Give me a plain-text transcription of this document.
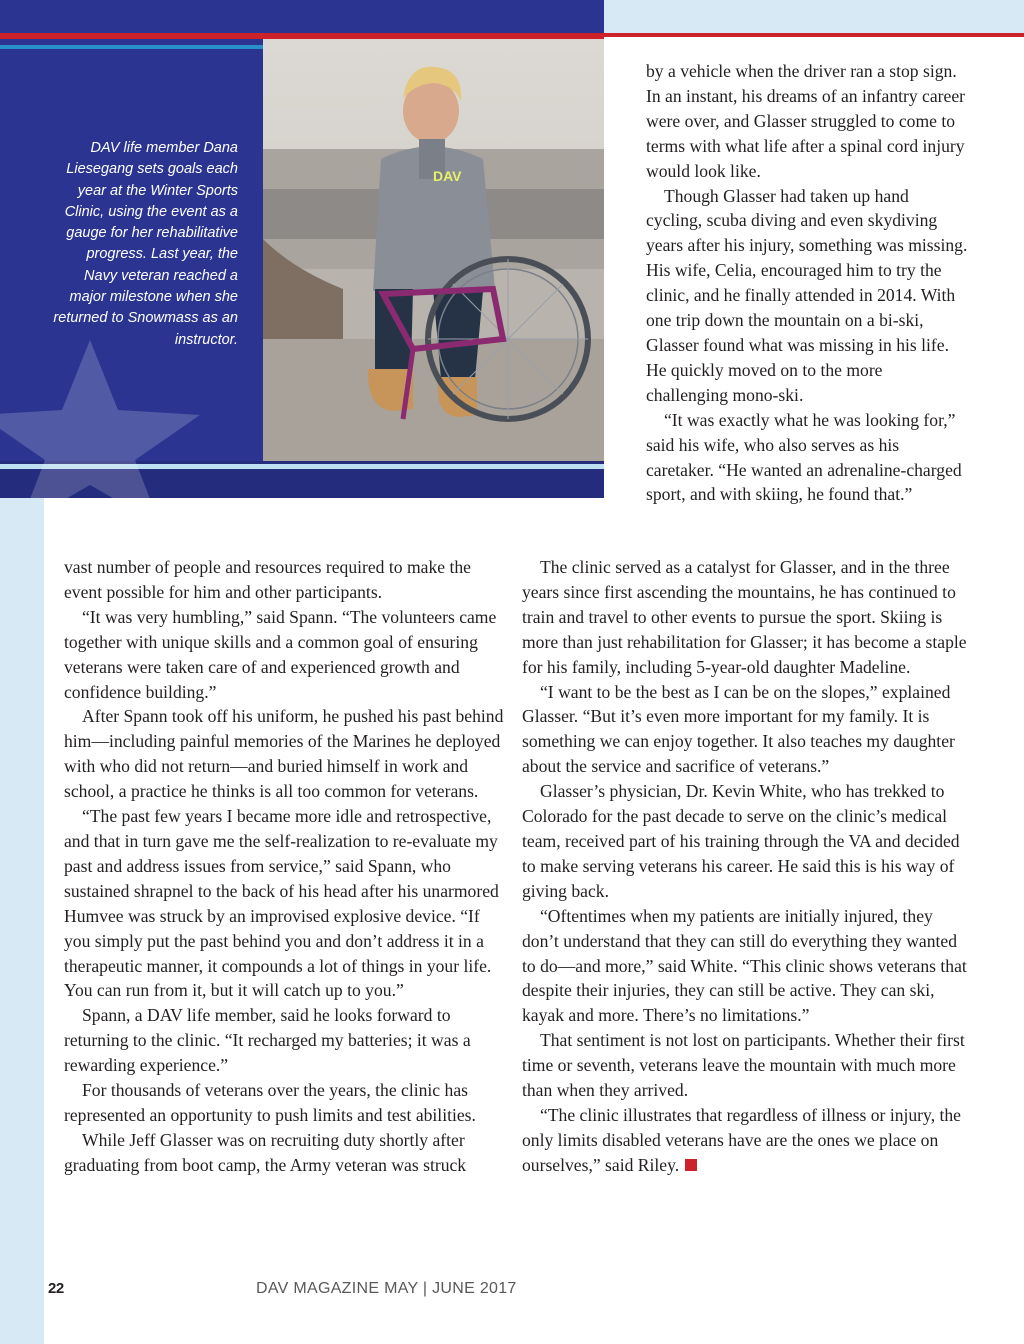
DAV life member Dana Liesegang sets goals each year at the Winter Sports Clinic, using the event as a gauge for her rehabilitative progress. Last year, the Navy veteran reached a major milestone when she returned to Snowmass as an instructor.

DAV

by a vehicle when the driver ran a stop sign. In an instant, his dreams of an infantry career were over, and Glasser struggled to come to terms with what life after a spinal cord injury would look like.

Though Glasser had taken up hand cycling, scuba diving and even skydiving years after his injury, something was missing. His wife, Celia, encouraged him to try the clinic, and he finally attended in 2014. With one trip down the mountain on a bi-ski, Glasser found what was missing in his life. He quickly moved on to the more challenging mono-ski.

“It was exactly what he was looking for,” said his wife, who also serves as his caretaker. “He wanted an adrenaline-charged sport, and with skiing, he found that.”

vast number of people and resources required to make the event possible for him and other participants.

“It was very humbling,” said Spann. “The volunteers came together with unique skills and a common goal of ensuring veterans were taken care of and experienced growth and confidence building.”

After Spann took off his uniform, he pushed his past behind him—including painful memories of the Marines he deployed with who did not return—and buried himself in work and school, a practice he thinks is all too common for veterans.

“The past few years I became more idle and retrospective, and that in turn gave me the self-realization to re-evaluate my past and address issues from service,” said Spann, who sustained shrapnel to the back of his head after his unarmored Humvee was struck by an improvised explosive device. “If you simply put the past behind you and don’t address it in a therapeutic manner, it compounds a lot of things in your life. You can run from it, but it will catch up to you.”

Spann, a DAV life member, said he looks forward to returning to the clinic. “It recharged my batteries; it was a rewarding experience.”

For thousands of veterans over the years, the clinic has represented an opportunity to push limits and test abilities.

While Jeff Glasser was on recruiting duty shortly after graduating from boot camp, the Army veteran was struck

The clinic served as a catalyst for Glasser, and in the three years since first ascending the mountains, he has continued to train and travel to other events to pursue the sport. Skiing is more than just rehabilitation for Glasser; it has become a staple for his family, including 5-year-old daughter Madeline.

“I want to be the best as I can be on the slopes,” explained Glasser. “But it’s even more important for my family. It is something we can enjoy together. It also teaches my daughter about the service and sacrifice of veterans.”

Glasser’s physician, Dr. Kevin White, who has trekked to Colorado for the past decade to serve on the clinic’s medical team, received part of his training through the VA and decided to make serving veterans his career. He said this is his way of giving back.

“Oftentimes when my patients are initially injured, they don’t understand that they can still do everything they wanted to do—and more,” said White. “This clinic shows veterans that despite their injuries, they can still be active. They can ski, kayak and more. There’s no limitations.”

That sentiment is not lost on participants. Whether their first time or seventh, veterans leave the mountain with much more than when they arrived.

“The clinic illustrates that regardless of illness or injury, the only limits disabled veterans have are the ones we place on ourselves,” said Riley.

22	DAV MAGAZINE MAY | JUNE 2017
